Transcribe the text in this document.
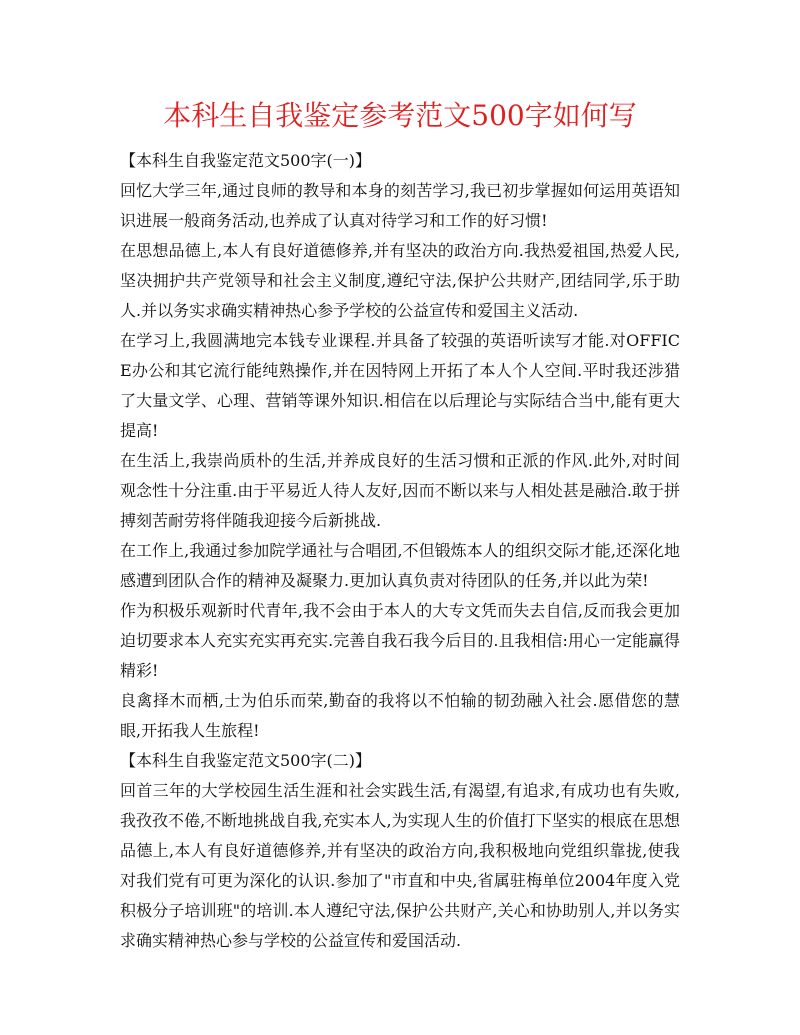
本科生自我鉴定参考范文500字如何写

【本科生自我鉴定范文500字(一)】

回忆大学三年,通过良师的教导和本身的刻苦学习,我已初步掌握如何运用英语知识进展一般商务活动,也养成了认真对待学习和工作的好习惯!

在思想品德上,本人有良好道德修养,并有坚决的政治方向.我热爱祖国,热爱人民,坚决拥护共产党领导和社会主义制度,遵纪守法,保护公共财产,团结同学,乐于助人.并以务实求确实精神热心参予学校的公益宣传和爱国主义活动.

在学习上,我圆满地完本钱专业课程.并具备了较强的英语听读写才能.对OFFICE办公和其它流行能纯熟操作,并在因特网上开拓了本人个人空间.平时我还涉猎了大量文学、心理、营销等课外知识.相信在以后理论与实际结合当中,能有更大提高!

在生活上,我崇尚质朴的生活,并养成良好的生活习惯和正派的作风.此外,对时间观念性十分注重.由于平易近人待人友好,因而不断以来与人相处甚是融洽.敢于拼搏刻苦耐劳将伴随我迎接今后新挑战.

在工作上,我通过参加院学通社与合唱团,不但锻炼本人的组织交际才能,还深化地感遭到团队合作的精神及凝聚力.更加认真负责对待团队的任务,并以此为荣!

作为积极乐观新时代青年,我不会由于本人的大专文凭而失去自信,反而我会更加迫切要求本人充实充实再充实.完善自我石我今后目的.且我相信:用心一定能赢得精彩!

良禽择木而栖,士为伯乐而荣,勤奋的我将以不怕输的韧劲融入社会.愿借您的慧眼,开拓我人生旅程!

【本科生自我鉴定范文500字(二)】

回首三年的大学校园生活生涯和社会实践生活,有渴望,有追求,有成功也有失败,我孜孜不倦,不断地挑战自我,充实本人,为实现人生的价值打下坚实的根底在思想品德上,本人有良好道德修养,并有坚决的政治方向,我积极地向党组织靠拢,使我对我们党有可更为深化的认识.参加了"市直和中央,省属驻梅单位2004年度入党积极分子培训班"的培训.本人遵纪守法,保护公共财产,关心和协助别人,并以务实求确实精神热心参与学校的公益宣传和爱国活动.
